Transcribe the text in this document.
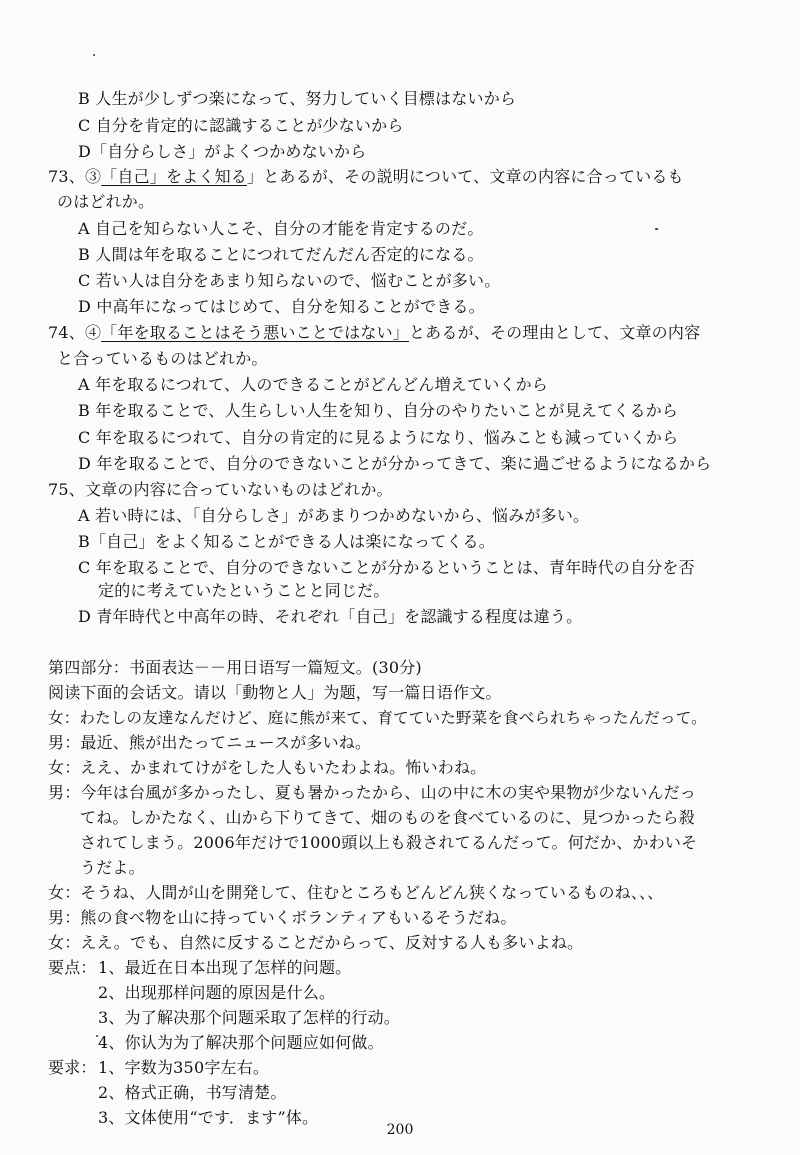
B 人生が少しずつ楽になって、努力していく目標はないから
C 自分を肯定的に認識することが少ないから
D「自分らしさ」がよくつかめないから
73、③「自己」をよく知る」とあるが、その説明について、文章の内容に合っているも
のはどれか。
A 自己を知らない人こそ、自分の才能を肯定するのだ。
B 人間は年を取ることにつれてだんだん否定的になる。
C 若い人は自分をあまり知らないので、悩むことが多い。
D 中高年になってはじめて、自分を知ることができる。
74、④「年を取ることはそう悪いことではない」とあるが、その理由として、文章の内容
と合っているものはどれか。
A 年を取るにつれて、人のできることがどんどん増えていくから
B 年を取ることで、人生らしい人生を知り、自分のやりたいことが見えてくるから
C 年を取るにつれて、自分の肯定的に見るようになり、悩みことも減っていくから
D 年を取ることで、自分のできないことが分かってきて、楽に過ごせるようになるから
75、文章の内容に合っていないものはどれか。
A 若い時には、「自分らしさ」があまりつかめないから、悩みが多い。
B「自己」をよく知ることができる人は楽になってくる。
C 年を取ることで、自分のできないことが分かるということは、青年時代の自分を否
定的に考えていたということと同じだ。
D 青年時代と中高年の時、それぞれ「自己」を認識する程度は違う。
第四部分：书面表达－－用日语写一篇短文。(30分)
阅读下面的会话文。请以「動物と人」为题，写一篇日语作文。
女：わたしの友達なんだけど、庭に熊が来て、育てていた野菜を食べられちゃったんだって。
男：最近、熊が出たってニュースが多いね。
女：ええ、かまれてけがをした人もいたわよね。怖いわね。
男：今年は台風が多かったし、夏も暑かったから、山の中に木の実や果物が少ないんだっ
てね。しかたなく、山から下りてきて、畑のものを食べているのに、見つかったら殺
されてしまう。2006年だけで1000頭以上も殺されてるんだって。何だか、かわいそ
うだよ。
女：そうね、人間が山を開発して、住むところもどんどん狭くなっているものね、、、
男：熊の食べ物を山に持っていくボランティアもいるそうだね。
女：ええ。でも、自然に反することだからって、反対する人も多いよね。
要点： 1、最近在日本出现了怎样的问题。
2、出现那样问题的原因是什么。
3、为了解决那个问题采取了怎样的行动。
4、你认为为了解决那个问题应如何做。
要求： 1、字数为350字左右。
2、格式正确，书写清楚。
3、文体使用“です．ます”体。
200
